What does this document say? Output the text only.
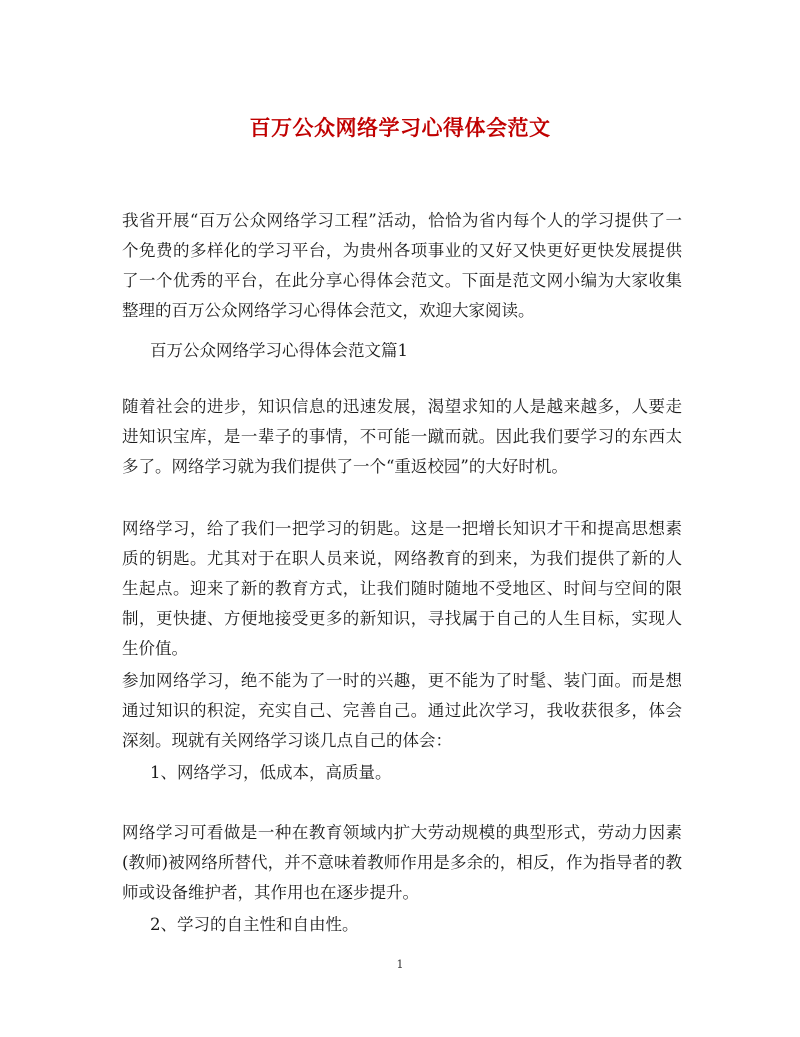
百万公众网络学习心得体会范文

我省开展“百万公众网络学习工程”活动，恰恰为省内每个人的学习提供了一个免费的多样化的学习平台，为贵州各项事业的又好又快更好更快发展提供了一个优秀的平台，在此分享心得体会范文。下面是范文网小编为大家收集整理的百万公众网络学习心得体会范文，欢迎大家阅读。

百万公众网络学习心得体会范文篇1

随着社会的进步，知识信息的迅速发展，渴望求知的人是越来越多，人要走进知识宝库，是一辈子的事情，不可能一蹴而就。因此我们要学习的东西太多了。网络学习就为我们提供了一个“重返校园”的大好时机。

网络学习，给了我们一把学习的钥匙。这是一把增长知识才干和提高思想素质的钥匙。尤其对于在职人员来说，网络教育的到来，为我们提供了新的人生起点。迎来了新的教育方式，让我们随时随地不受地区、时间与空间的限制，更快捷、方便地接受更多的新知识，寻找属于自己的人生目标，实现人生价值。

参加网络学习，绝不能为了一时的兴趣，更不能为了时髦、装门面。而是想通过知识的积淀，充实自己、完善自己。通过此次学习，我收获很多，体会深刻。现就有关网络学习谈几点自己的体会：

1、网络学习，低成本，高质量。

网络学习可看做是一种在教育领域内扩大劳动规模的典型形式，劳动力因素(教师)被网络所替代，并不意味着教师作用是多余的，相反，作为指导者的教师或设备维护者，其作用也在逐步提升。

2、学习的自主性和自由性。

1
